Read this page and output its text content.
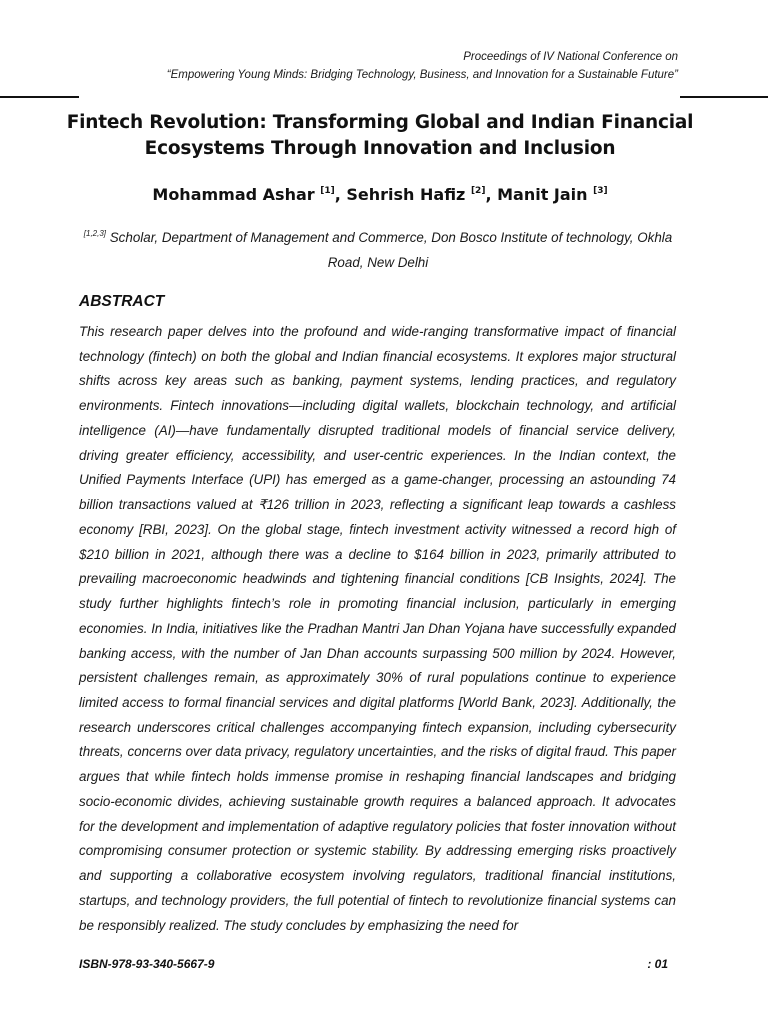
Proceedings of IV National Conference on
“Empowering Young Minds: Bridging Technology, Business, and Innovation for a Sustainable Future”
Fintech Revolution: Transforming Global and Indian Financial
Ecosystems Through Innovation and Inclusion
Mohammad Ashar [1], Sehrish Hafiz [2], Manit Jain [3]
[1,2,3] Scholar, Department of Management and Commerce, Don Bosco Institute of technology, Okhla Road, New Delhi
ABSTRACT

This research paper delves into the profound and wide-ranging transformative impact of financial technology (fintech) on both the global and Indian financial ecosystems. It explores major structural shifts across key areas such as banking, payment systems, lending practices, and regulatory environments. Fintech innovations—including digital wallets, blockchain technology, and artificial intelligence (AI)—have fundamentally disrupted traditional models of financial service delivery, driving greater efficiency, accessibility, and user-centric experiences. In the Indian context, the Unified Payments Interface (UPI) has emerged as a game-changer, processing an astounding 74 billion transactions valued at ₹126 trillion in 2023, reflecting a significant leap towards a cashless economy [RBI, 2023]. On the global stage, fintech investment activity witnessed a record high of $210 billion in 2021, although there was a decline to $164 billion in 2023, primarily attributed to prevailing macroeconomic headwinds and tightening financial conditions [CB Insights, 2024]. The study further highlights fintech’s role in promoting financial inclusion, particularly in emerging economies. In India, initiatives like the Pradhan Mantri Jan Dhan Yojana have successfully expanded banking access, with the number of Jan Dhan accounts surpassing 500 million by 2024. However, persistent challenges remain, as approximately 30% of rural populations continue to experience limited access to formal financial services and digital platforms [World Bank, 2023]. Additionally, the research underscores critical challenges accompanying fintech expansion, including cybersecurity threats, concerns over data privacy, regulatory uncertainties, and the risks of digital fraud. This paper argues that while fintech holds immense promise in reshaping financial landscapes and bridging socio-economic divides, achieving sustainable growth requires a balanced approach. It advocates for the development and implementation of adaptive regulatory policies that foster innovation without compromising consumer protection or systemic stability. By addressing emerging risks proactively and supporting a collaborative ecosystem involving regulators, traditional financial institutions, startups, and technology providers, the full potential of fintech to revolutionize financial systems can be responsibly realized. The study concludes by emphasizing the need for

ISBN-978-93-340-5667-9	: 01
